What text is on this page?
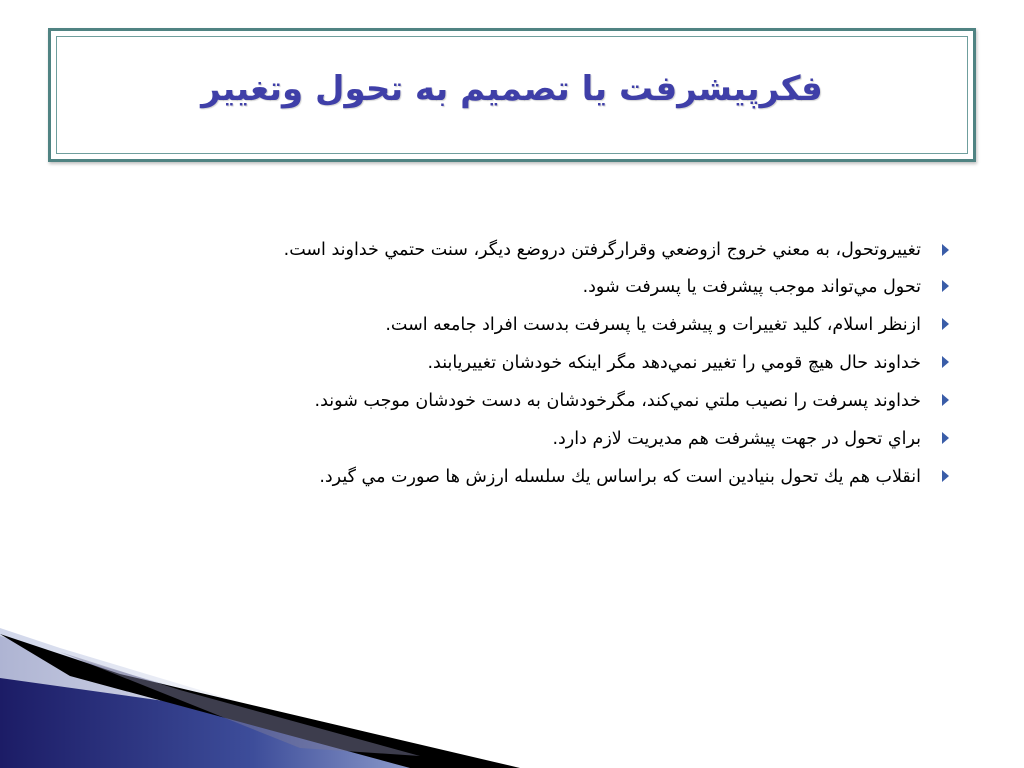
فكرپيشرفت يا تصميم به تحول وتغيير

تغييروتحول، به معني خروج ازوضعي وقرارگرفتن دروضع ديگر، سنت حتمي خداوند است.

تحول مي‌تواند موجب پيشرفت يا پسرفت شود.

ازنظر اسلام، كليد تغييرات و پيشرفت يا پسرفت بدست افراد جامعه است.

خداوند حال هيچ قومي را تغيير نمي‌دهد مگر اينكه خودشان تغييريابند.

خداوند پسرفت را نصيب ملتي نمي‌كند، مگرخودشان به دست خودشان موجب شوند.

براي تحول در جهت پيشرفت هم مديريت لازم دارد.

انقلاب هم يك تحول بنيادين است كه براساس يك سلسله ارزش ها صورت مي گيرد.
